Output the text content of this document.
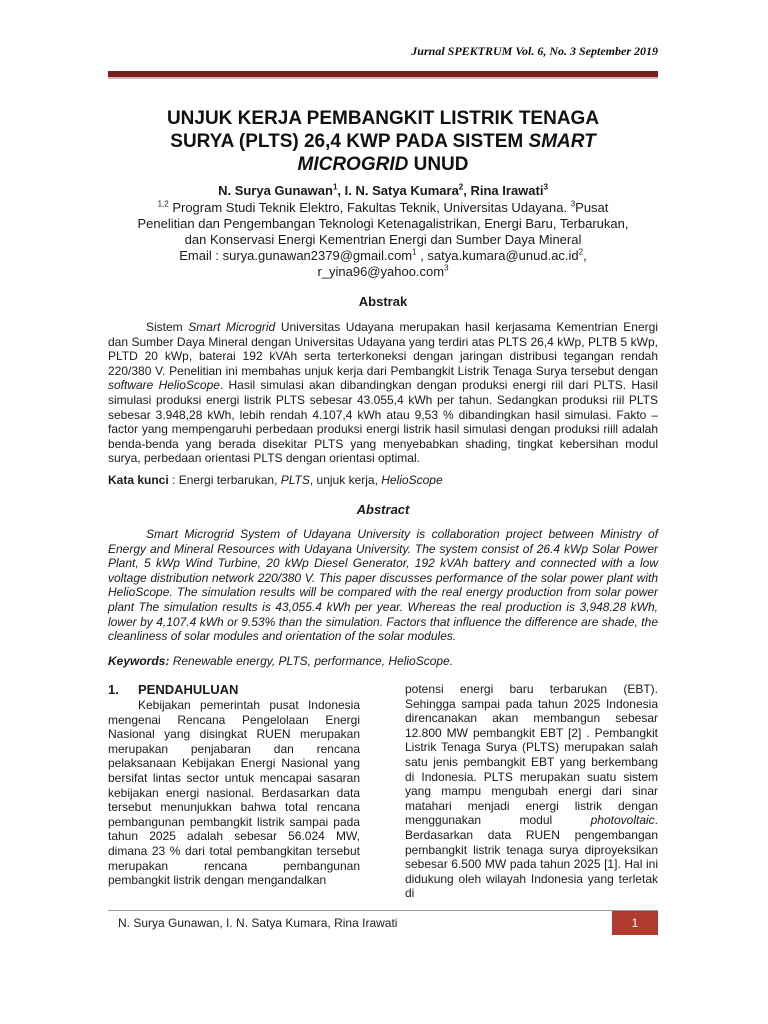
Jurnal SPEKTRUM Vol. 6, No. 3 September 2019
UNJUK KERJA PEMBANGKIT LISTRIK TENAGA
SURYA (PLTS) 26,4 KWP PADA SISTEM SMART
MICROGRID UNUD
N. Surya Gunawan$^1$, I. N. Satya Kumara$^2$, Rina Irawati$^3$
$^{1,2}$ Program Studi Teknik Elektro, Fakultas Teknik, Universitas Udayana. $^3$Pusat
Penelitian dan Pengembangan Teknologi Ketenagalistrikan, Energi Baru, Terbarukan,
dan Konservasi Energi Kementrian Energi dan Sumber Daya Mineral
Email : surya.gunawan2379@gmail.com$^1$ , $satya.kumara@unud.ac.id^2$,
r_yina96@yahoo.com$^3$
Abstrak
Sistem Smart Microgrid Universitas Udayana merupakan hasil kerjasama Kementrian Energi dan Sumber Daya Mineral dengan Universitas Udayana yang terdiri atas PLTS 26,4 kWp, PLTB 5 kWp, PLTD 20 kWp, baterai 192 kVAh serta terterkoneksi dengan jaringan distribusi tegangan rendah 220/380 V. Penelitian ini membahas unjuk kerja dari Pembangkit Listrik Tenaga Surya tersebut dengan software HelioScope. Hasil simulasi akan dibandingkan dengan produksi energi riil dari PLTS. Hasil simulasi produksi energi listrik PLTS sebesar 43.055,4 kWh per tahun. Sedangkan produksi riil PLTS sebesar 3.948,28 kWh, lebih rendah 4.107,4 kWh atau 9,53 % dibandingkan hasil simulasi. Fakto – factor yang mempengaruhi perbedaan produksi energi listrik hasil simulasi dengan produksi riill adalah benda-benda yang berada disekitar PLTS yang menyebabkan shading, tingkat kebersihan modul surya, perbedaan orientasi PLTS dengan orientasi optimal.
Kata kunci : Energi terbarukan, PLTS, unjuk kerja, HelioScope
Abstract
Smart Microgrid System of Udayana University is collaboration project between Ministry of Energy and Mineral Resources with Udayana University. The system consist of 26.4 kWp Solar Power Plant, 5 kWp Wind Turbine, 20 kWp Diesel Generator, 192 kVAh battery and connected with a low voltage distribution network 220/380 V. This paper discusses performance of the solar power plant with HelioScope. The simulation results will be compared with the real energy production from solar power plant The simulation results is 43,055.4 kWh per year. Whereas the real production is 3,948.28 kWh, lower by 4,107.4 kWh or 9.53% than the simulation. Factors that influence the difference are shade, the cleanliness of solar modules and orientation of the solar modules.
Keywords: Renewable energy, PLTS, performance, HelioScope.
1.	PENDAHULUAN
Kebijakan pemerintah pusat Indonesia mengenai Rencana Pengelolaan Energi Nasional yang disingkat RUEN merupakan merupakan penjabaran dan rencana pelaksanaan Kebijakan Energi Nasional yang bersifat lintas sector untuk mencapai sasaran kebijakan energi nasional. Berdasarkan data tersebut menunjukkan bahwa total rencana pembangunan pembangkit listrik sampai pada tahun 2025 adalah sebesar 56.024 MW, dimana 23 % dari total pembangkitan tersebut merupakan rencana pembangunan pembangkit listrik dengan mengandalkan
potensi energi baru terbarukan (EBT). Sehingga sampai pada tahun 2025 Indonesia direncanakan akan membangun sebesar 12.800 MW pembangkit EBT [2] . Pembangkit Listrik Tenaga Surya (PLTS) merupakan salah satu jenis pembangkit EBT yang berkembang di Indonesia. PLTS merupakan suatu sistem yang mampu mengubah energi dari sinar matahari menjadi energi listrik dengan menggunakan modul photovoltaic. Berdasarkan data RUEN pengembangan pembangkit listrik tenaga surya diproyeksikan sebesar 6.500 MW pada tahun 2025 [1]. Hal ini didukung oleh wilayah Indonesia yang terletak di
N. Surya Gunawan, I. N. Satya Kumara, Rina Irawati	1
